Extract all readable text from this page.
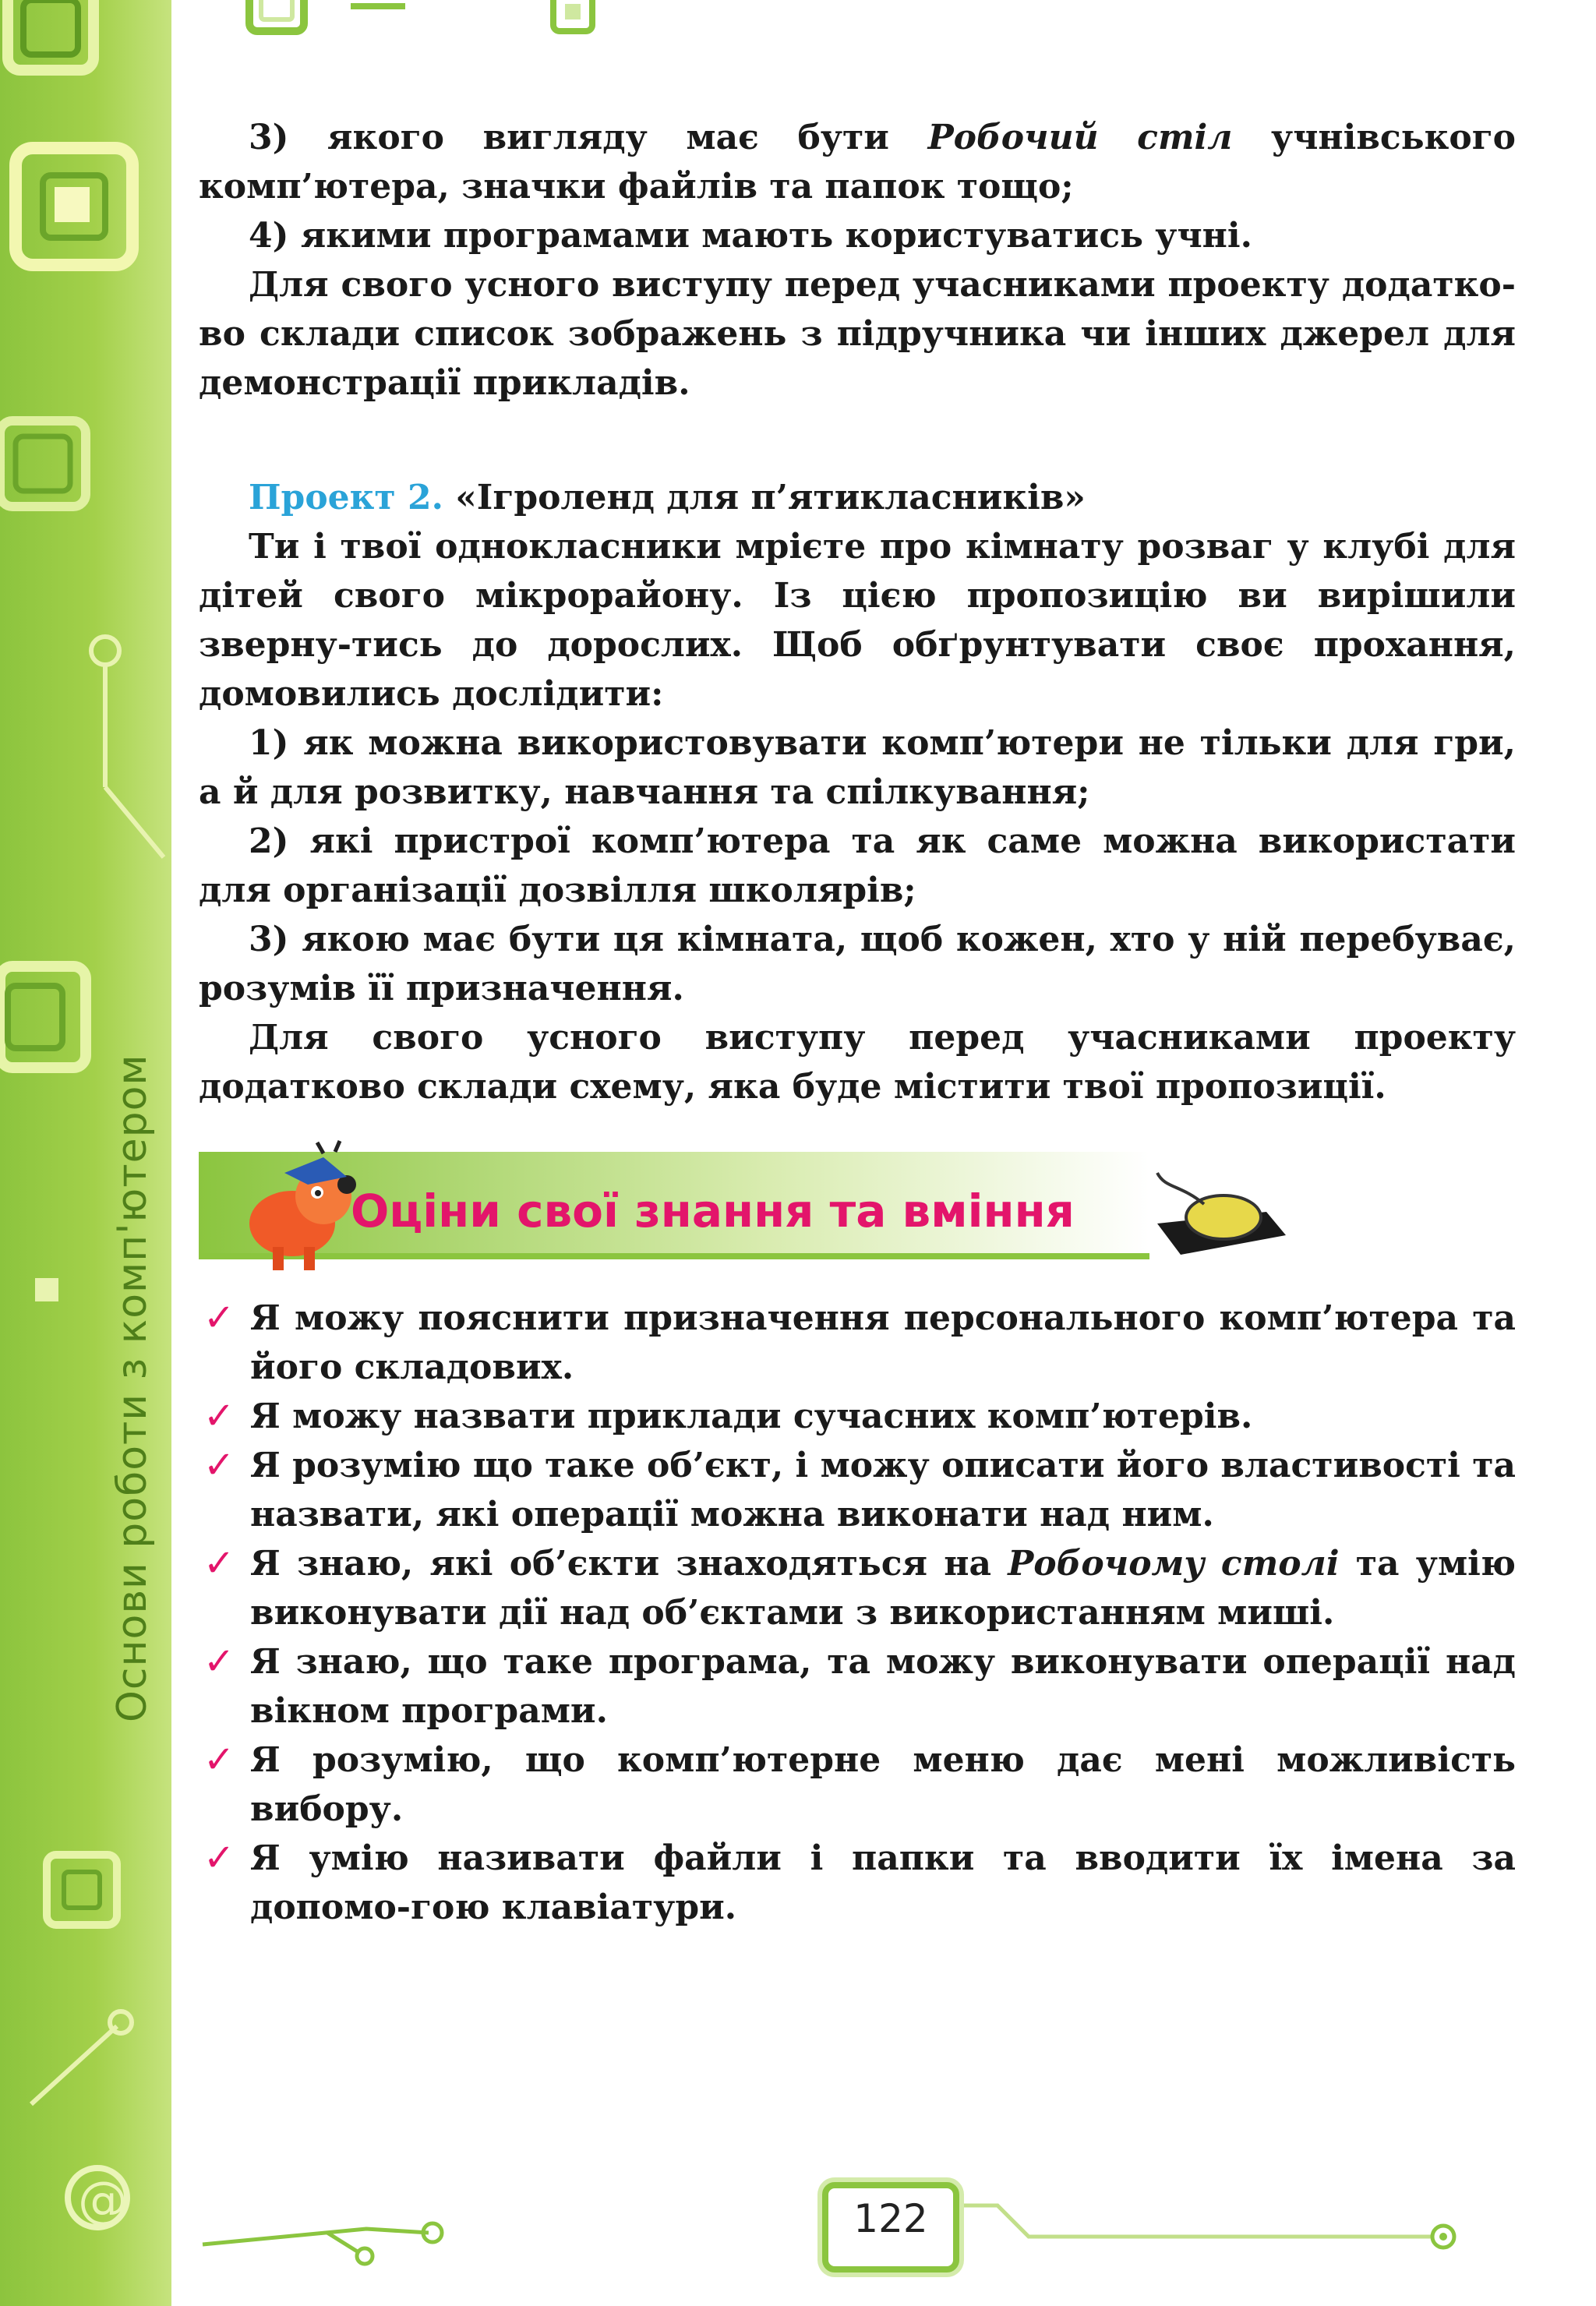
@
Основи роботи з комп'ютером

3) якого вигляду має бути Робочий стіл учнівського комп’ютера, значки файлів та папок тощо;

4) якими програмами мають користуватись учні.

Для свого усного виступу перед учасниками проекту додатко-во склади список зображень з підручника чи інших джерел для демонстрації прикладів.

Проект 2. «Ігроленд для п’ятикласників»

Ти і твої однокласники мрієте про кімнату розваг у клубі для дітей свого мікрорайону. Із цією пропозицію ви вирішили зверну-тись до дорослих. Щоб обґрунтувати своє прохання, домовились дослідити:

1) як можна використовувати комп’ютери не тільки для гри, а й для розвитку, навчання та спілкування;

2) які пристрої комп’ютера та як саме можна використати для організації дозвілля школярів;

3) якою має бути ця кімната, щоб кожен, хто у ній перебуває, розумів її призначення.

Для свого усного виступу перед учасниками проекту додатково склади схему, яка буде містити твої пропозиції.

Оціни свої знання та вміння

✓ Я можу пояснити призначення персонального комп’ютера та його складових.

✓ Я можу назвати приклади сучасних комп’ютерів.

✓ Я розумію що таке об’єкт, і можу описати його властивості та назвати, які операції можна виконати над ним.

✓ Я знаю, які об’єкти знаходяться на Робочому столі та умію виконувати дії над об’єктами з використанням миші.

✓ Я знаю, що таке програма, та можу виконувати операції над вікном програми.

✓ Я розумію, що комп’ютерне меню дає мені можливість вибору.

✓ Я умію називати файли і папки та вводити їх імена за допомо-гою клавіатури.

122
